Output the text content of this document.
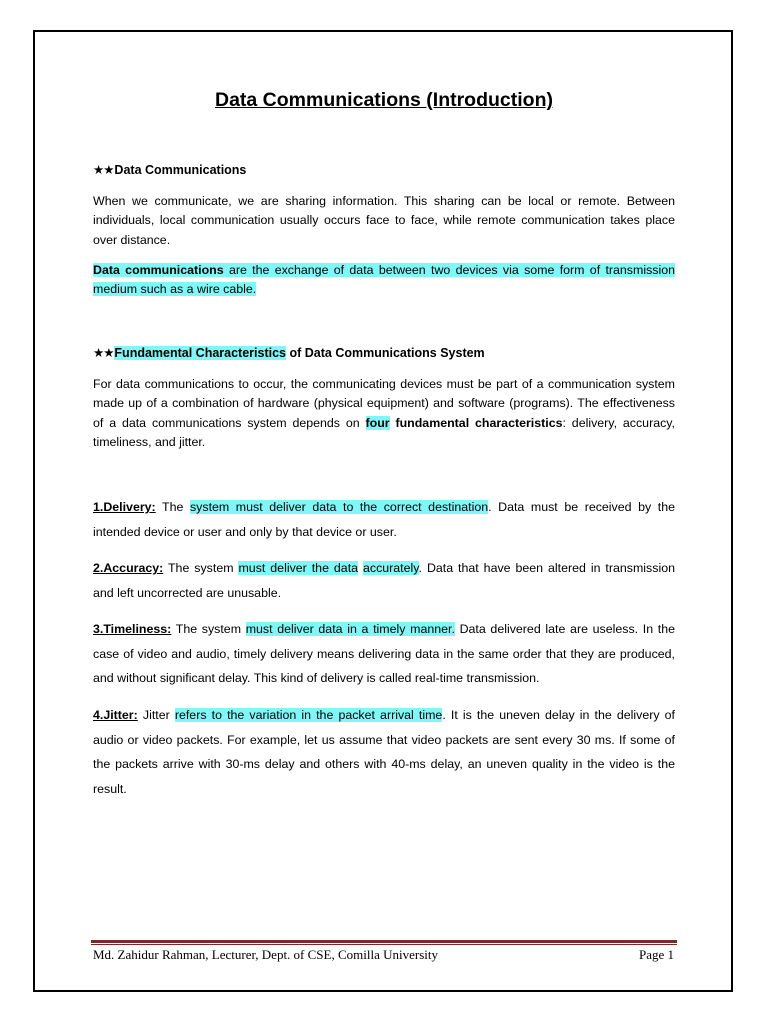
Data Communications (Introduction)
★★Data Communications

When we communicate, we are sharing information. This sharing can be local or remote. Between individuals, local communication usually occurs face to face, while remote communication takes place over distance.

Data communications are the exchange of data between two devices via some form of transmission medium such as a wire cable.

★★Fundamental Characteristics of Data Communications System

For data communications to occur, the communicating devices must be part of a communication system made up of a combination of hardware (physical equipment) and software (programs). The effectiveness of a data communications system depends on four fundamental characteristics: delivery, accuracy, timeliness, and jitter.

1.Delivery: The system must deliver data to the correct destination. Data must be received by the intended device or user and only by that device or user.

2.Accuracy: The system must deliver the data accurately. Data that have been altered in transmission and left uncorrected are unusable.

3.Timeliness: The system must deliver data in a timely manner. Data delivered late are useless. In the case of video and audio, timely delivery means delivering data in the same order that they are produced, and without significant delay. This kind of delivery is called real-time transmission.

4.Jitter: Jitter refers to the variation in the packet arrival time. It is the uneven delay in the delivery of audio or video packets. For example, let us assume that video packets are sent every 30 ms. If some of the packets arrive with 30-ms delay and others with 40-ms delay, an uneven quality in the video is the result.

Md. Zahidur Rahman, Lecturer, Dept. of CSE, Comilla University	Page 1
